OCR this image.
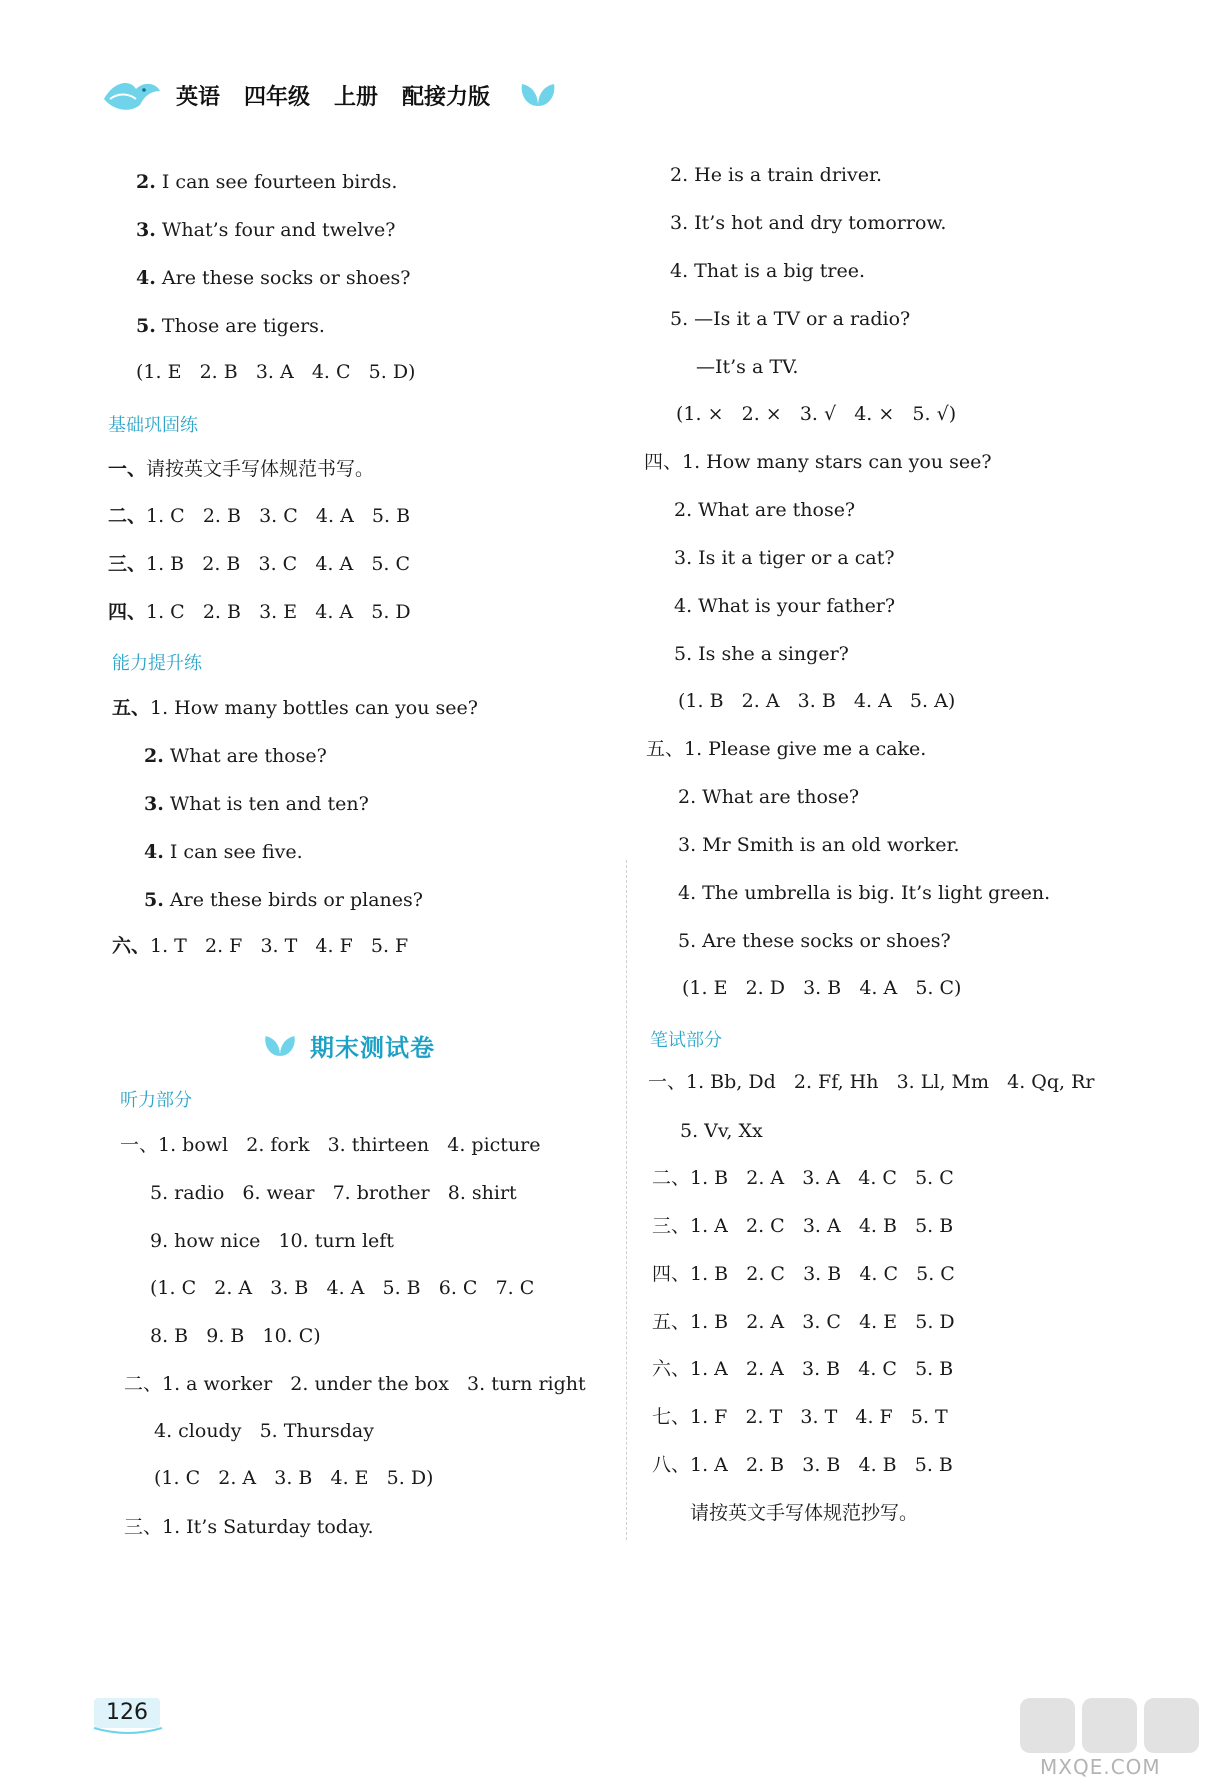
英语 四年级 上册 配接力版
2. I can see fourteen birds.
3. What’s four and twelve?
4. Are these socks or shoes?
5. Those are tigers.
(1. E   2. B   3. A   4. C   5. D)
基础巩固练
一、请按英文手写体规范书写。
二、1. C   2. B   3. C   4. A   5. B
三、1. B   2. B   3. C   4. A   5. C
四、1. C   2. B   3. E   4. A   5. D
能力提升练
五、1. How many bottles can you see?
2. What are those?
3. What is ten and ten?
4. I can see five.
5. Are these birds or planes?
六、1. T   2. F   3. T   4. F   5. F
期末测试卷
听力部分
一、1. bowl   2. fork   3. thirteen   4. picture
5. radio   6. wear   7. brother   8. shirt
9. how nice   10. turn left
(1. C   2. A   3. B   4. A   5. B   6. C   7. C
8. B   9. B   10. C)
二、1. a worker   2. under the box   3. turn right
4. cloudy   5. Thursday
(1. C   2. A   3. B   4. E   5. D)
三、1. It’s Saturday today.
2. He is a train driver.
3. It’s hot and dry tomorrow.
4. That is a big tree.
5. —Is it a TV or a radio?
—It’s a TV.
(1. ×   2. ×   3. √   4. ×   5. √)
四、1. How many stars can you see?
2. What are those?
3. Is it a tiger or a cat?
4. What is your father?
5. Is she a singer?
(1. B   2. A   3. B   4. A   5. A)
五、1. Please give me a cake.
2. What are those?
3. Mr Smith is an old worker.
4. The umbrella is big. It’s light green.
5. Are these socks or shoes?
(1. E   2. D   3. B   4. A   5. C)
笔试部分
一、1. Bb, Dd   2. Ff, Hh   3. Ll, Mm   4. Qq, Rr
5. Vv, Xx
二、1. B   2. A   3. A   4. C   5. C
三、1. A   2. C   3. A   4. B   5. B
四、1. B   2. C   3. B   4. C   5. C
五、1. B   2. A   3. C   4. E   5. D
六、1. A   2. A   3. B   4. C   5. B
七、1. F   2. T   3. T   4. F   5. T
八、1. A   2. B   3. B   4. B   5. B
请按英文手写体规范抄写。
126
MXQE.COM
